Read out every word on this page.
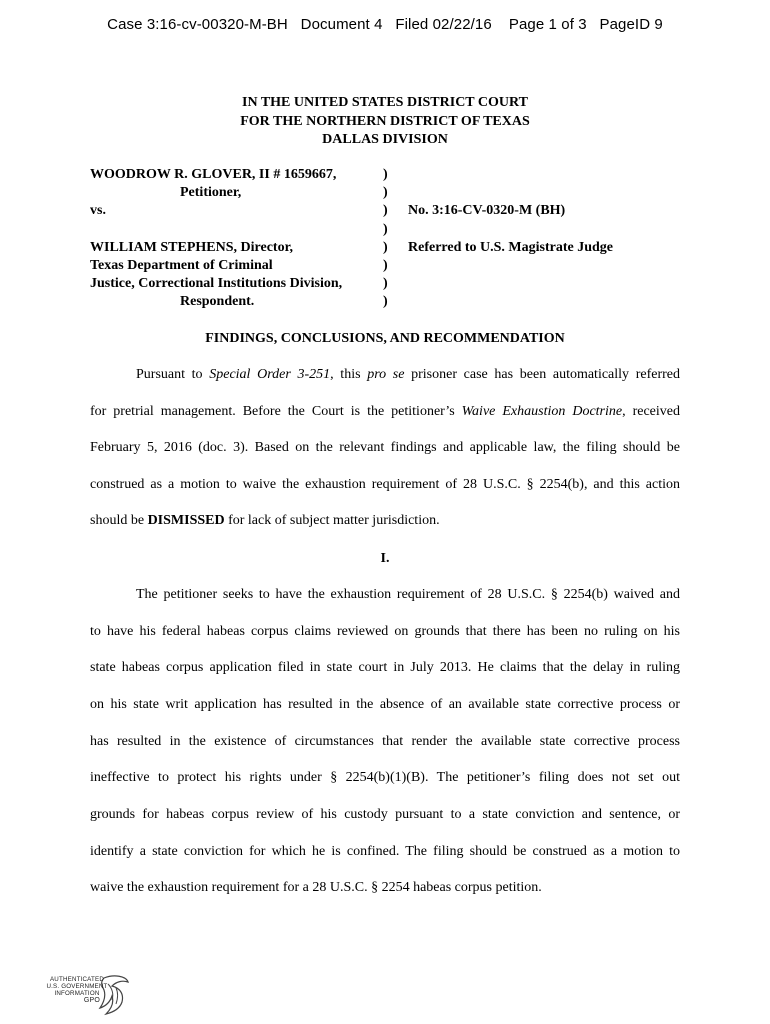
Case 3:16-cv-00320-M-BH   Document 4   Filed 02/22/16    Page 1 of 3   PageID 9
IN THE UNITED STATES DISTRICT COURT
FOR THE NORTHERN DISTRICT OF TEXAS
DALLAS DIVISION
WOODROW R. GLOVER, II # 1659667,	)
Petitioner,	)
vs.	) No. 3:16-CV-0320-M (BH)
)
WILLIAM STEPHENS, Director,	) Referred to U.S. Magistrate Judge
Texas Department of Criminal	)
Justice, Correctional Institutions Division,	)
Respondent.	)
FINDINGS, CONCLUSIONS, AND RECOMMENDATION
Pursuant to Special Order 3-251, this pro se prisoner case has been automatically referred
for pretrial management. Before the Court is the petitioner’s Waive Exhaustion Doctrine, received
February 5, 2016 (doc. 3). Based on the relevant findings and applicable law, the filing should be
construed as a motion to waive the exhaustion requirement of 28 U.S.C. § 2254(b), and this action
should be DISMISSED for lack of subject matter jurisdiction.
I.
The petitioner seeks to have the exhaustion requirement of 28 U.S.C. § 2254(b) waived and
to have his federal habeas corpus claims reviewed on grounds that there has been no ruling on his
state habeas corpus application filed in state court in July 2013. He claims that the delay in ruling
on his state writ application has resulted in the absence of an available state corrective process or
has resulted in the existence of circumstances that render the available state corrective process
ineffective to protect his rights under § 2254(b)(1)(B). The petitioner’s filing does not set out
grounds for habeas corpus review of his custody pursuant to a state conviction and sentence, or
identify a state conviction for which he is confined. The filing should be construed as a motion to
waive the exhaustion requirement for a 28 U.S.C. § 2254 habeas corpus petition.
AUTHENTICATED
U.S. GOVERNMENT
INFORMATION
GPO
